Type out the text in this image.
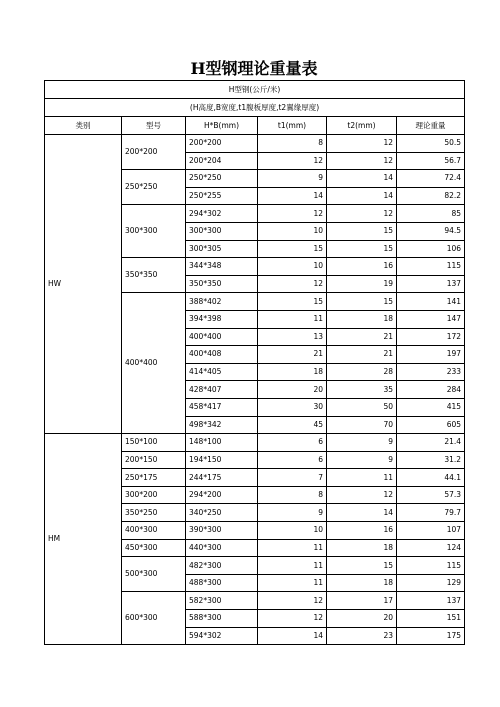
H型钢理论重量表
H型钢(公斤/米)					
(H高度,B宽度,t1腹板厚度,t2翼缘厚度)					
类别	型号	H*B(mm)	t1(mm)	t2(mm)	理论重量
HW	200*200	200*200	8	12	50.5
		200*204	12	12	56.7
	250*250	250*250	9	14	72.4
		250*255	14	14	82.2
	300*300	294*302	12	12	85
		300*300	10	15	94.5
		300*305	15	15	106
	350*350	344*348	10	16	115
		350*350	12	19	137
	400*400	388*402	15	15	141
		394*398	11	18	147
		400*400	13	21	172
		400*408	21	21	197
		414*405	18	28	233
		428*407	20	35	284
		458*417	30	50	415
		498*342	45	70	605
HM	150*100	148*100	6	9	21.4
	200*150	194*150	6	9	31.2
	250*175	244*175	7	11	44.1
	300*200	294*200	8	12	57.3
	350*250	340*250	9	14	79.7
	400*300	390*300	10	16	107
	450*300	440*300	11	18	124
	500*300	482*300	11	15	115
		488*300	11	18	129
	600*300	582*300	12	17	137
		588*300	12	20	151
		594*302	14	23	175
